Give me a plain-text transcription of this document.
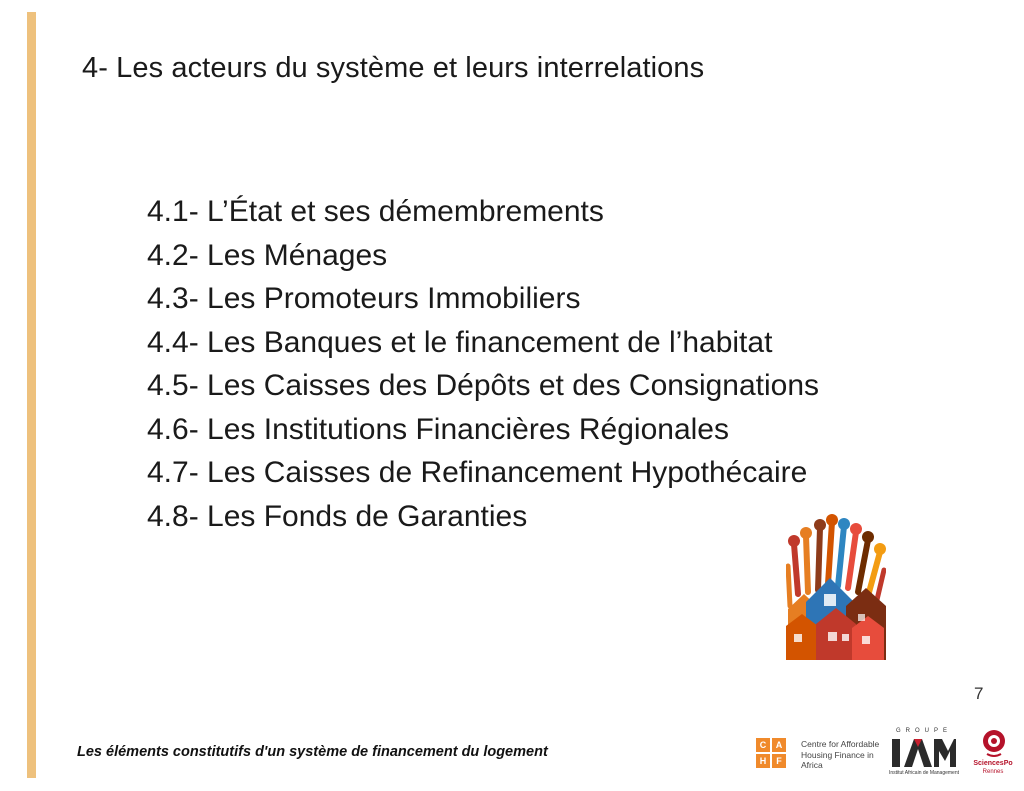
4- Les acteurs du système et leurs interrelations
4.1- L’État et ses démembrements
4.2- Les Ménages
4.3- Les Promoteurs Immobiliers
4.4- Les Banques et le financement de l’habitat
4.5- Les Caisses des Dépôts et des Consignations
4.6- Les Institutions Financières Régionales
4.7- Les Caisses de Refinancement Hypothécaire
4.8- Les Fonds de Garanties
7
Les éléments constitutifs d'un système de financement du logement	C	A
H	F
Centre for Affordable Housing Finance in Africa
GROUPE
Institut Africain de Management
SciencesPo
Rennes
